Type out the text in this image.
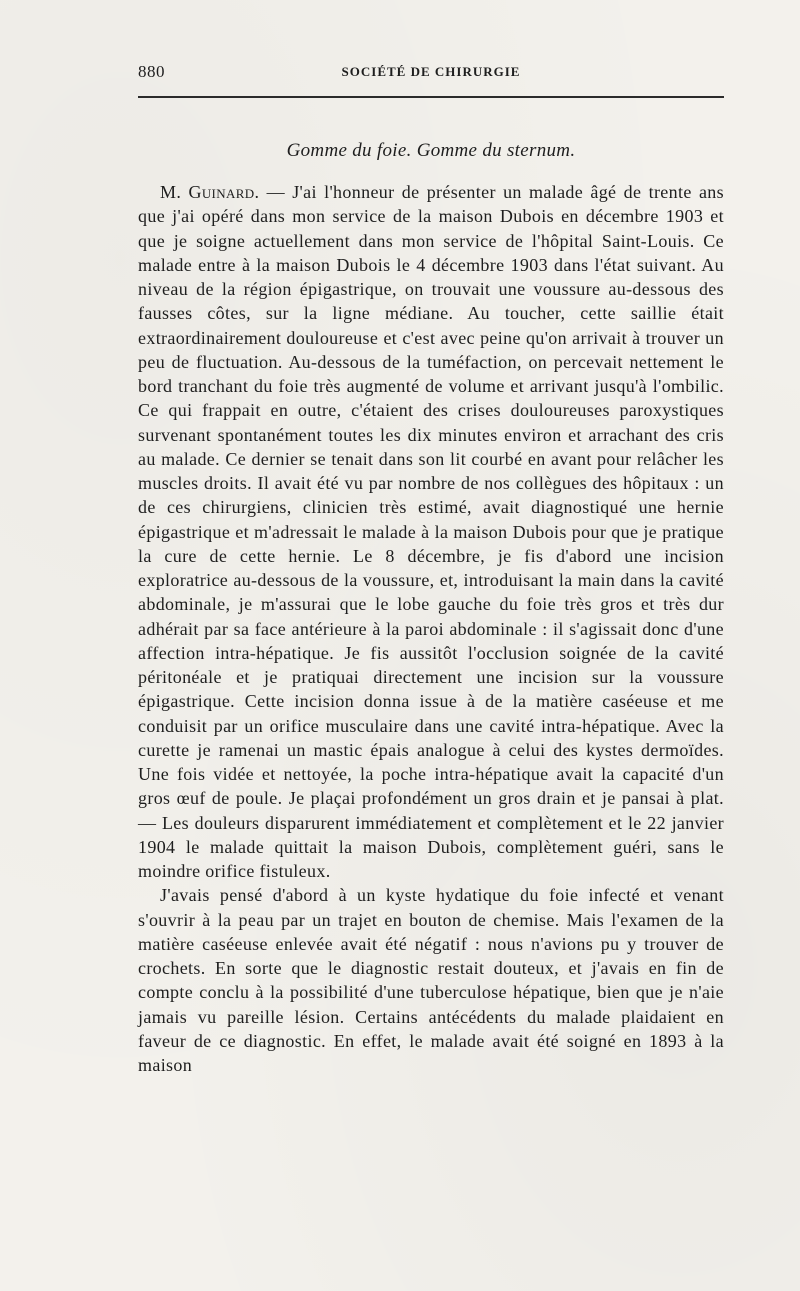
880	SOCIÉTÉ DE CHIRURGIE
Gomme du foie. Gomme du sternum.

M. Guinard. — J'ai l'honneur de présenter un malade âgé de trente ans que j'ai opéré dans mon service de la maison Dubois en décembre 1903 et que je soigne actuellement dans mon service de l'hôpital Saint-Louis. Ce malade entre à la maison Dubois le 4 décembre 1903 dans l'état suivant. Au niveau de la région épigastrique, on trouvait une voussure au-dessous des fausses côtes, sur la ligne médiane. Au toucher, cette saillie était extraordinairement douloureuse et c'est avec peine qu'on arrivait à trouver un peu de fluctuation. Au-dessous de la tuméfaction, on percevait nettement le bord tranchant du foie très augmenté de volume et arrivant jusqu'à l'ombilic. Ce qui frappait en outre, c'étaient des crises douloureuses paroxystiques survenant spontanément toutes les dix minutes environ et arrachant des cris au malade. Ce dernier se tenait dans son lit courbé en avant pour relâcher les muscles droits. Il avait été vu par nombre de nos collègues des hôpitaux : un de ces chirurgiens, clinicien très estimé, avait diagnostiqué une hernie épigastrique et m'adressait le malade à la maison Dubois pour que je pratique la cure de cette hernie. Le 8 décembre, je fis d'abord une incision exploratrice au-dessous de la voussure, et, introduisant la main dans la cavité abdominale, je m'assurai que le lobe gauche du foie très gros et très dur adhérait par sa face antérieure à la paroi abdominale : il s'agissait donc d'une affection intra-hépatique. Je fis aussitôt l'occlusion soignée de la cavité péritonéale et je pratiquai directement une incision sur la voussure épigastrique. Cette incision donna issue à de la matière caséeuse et me conduisit par un orifice musculaire dans une cavité intra-hépatique. Avec la curette je ramenai un mastic épais analogue à celui des kystes dermoïdes. Une fois vidée et nettoyée, la poche intra-hépatique avait la capacité d'un gros œuf de poule. Je plaçai profondément un gros drain et je pansai à plat. — Les douleurs disparurent immédiatement et complètement et le 22 janvier 1904 le malade quittait la maison Dubois, complètement guéri, sans le moindre orifice fistuleux.

J'avais pensé d'abord à un kyste hydatique du foie infecté et venant s'ouvrir à la peau par un trajet en bouton de chemise. Mais l'examen de la matière caséeuse enlevée avait été négatif : nous n'avions pu y trouver de crochets. En sorte que le diagnostic restait douteux, et j'avais en fin de compte conclu à la possibilité d'une tuberculose hépatique, bien que je n'aie jamais vu pareille lésion. Certains antécédents du malade plaidaient en faveur de ce diagnostic. En effet, le malade avait été soigné en 1893 à la maison
